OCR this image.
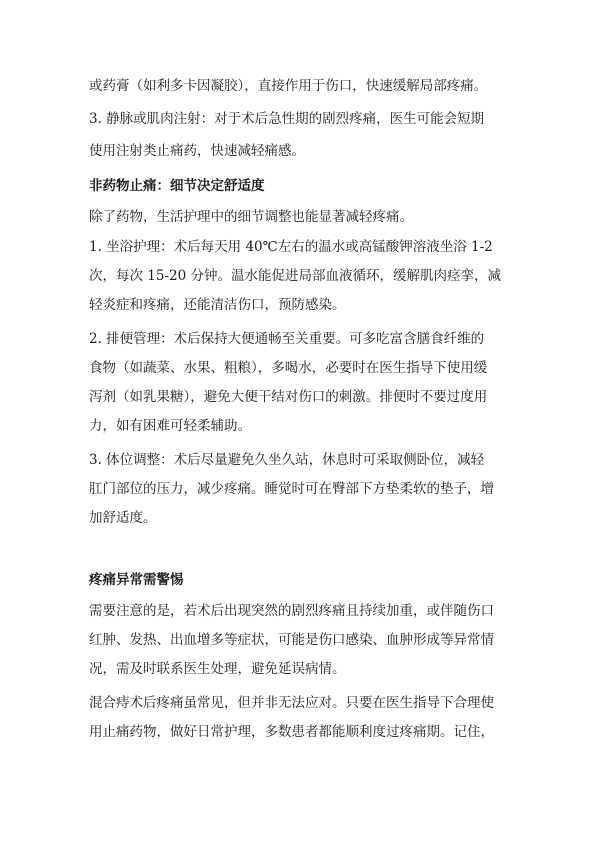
或药膏（如利多卡因凝胶），直接作用于伤口，快速缓解局部疼痛。
3. 静脉或肌肉注射：对于术后急性期的剧烈疼痛，医生可能会短期
使用注射类止痛药，快速减轻痛感。
非药物止痛：细节决定舒适度
除了药物，生活护理中的细节调整也能显著减轻疼痛。
1. 坐浴护理：术后每天用 40℃左右的温水或高锰酸钾溶液坐浴 1-2
次，每次 15-20 分钟。温水能促进局部血液循环，缓解肌肉痉挛，减
轻炎症和疼痛，还能清洁伤口，预防感染。
2. 排便管理：术后保持大便通畅至关重要。可多吃富含膳食纤维的
食物（如蔬菜、水果、粗粮），多喝水，必要时在医生指导下使用缓
泻剂（如乳果糖），避免大便干结对伤口的刺激。排便时不要过度用
力，如有困难可轻柔辅助。
3. 体位调整：术后尽量避免久坐久站，休息时可采取侧卧位，减轻
肛门部位的压力，减少疼痛。睡觉时可在臀部下方垫柔软的垫子，增
加舒适度。
疼痛异常需警惕
需要注意的是，若术后出现突然的剧烈疼痛且持续加重，或伴随伤口
红肿、发热、出血增多等症状，可能是伤口感染、血肿形成等异常情
况，需及时联系医生处理，避免延误病情。
混合痔术后疼痛虽常见，但并非无法应对。只要在医生指导下合理使
用止痛药物，做好日常护理，多数患者都能顺利度过疼痛期。记住，
